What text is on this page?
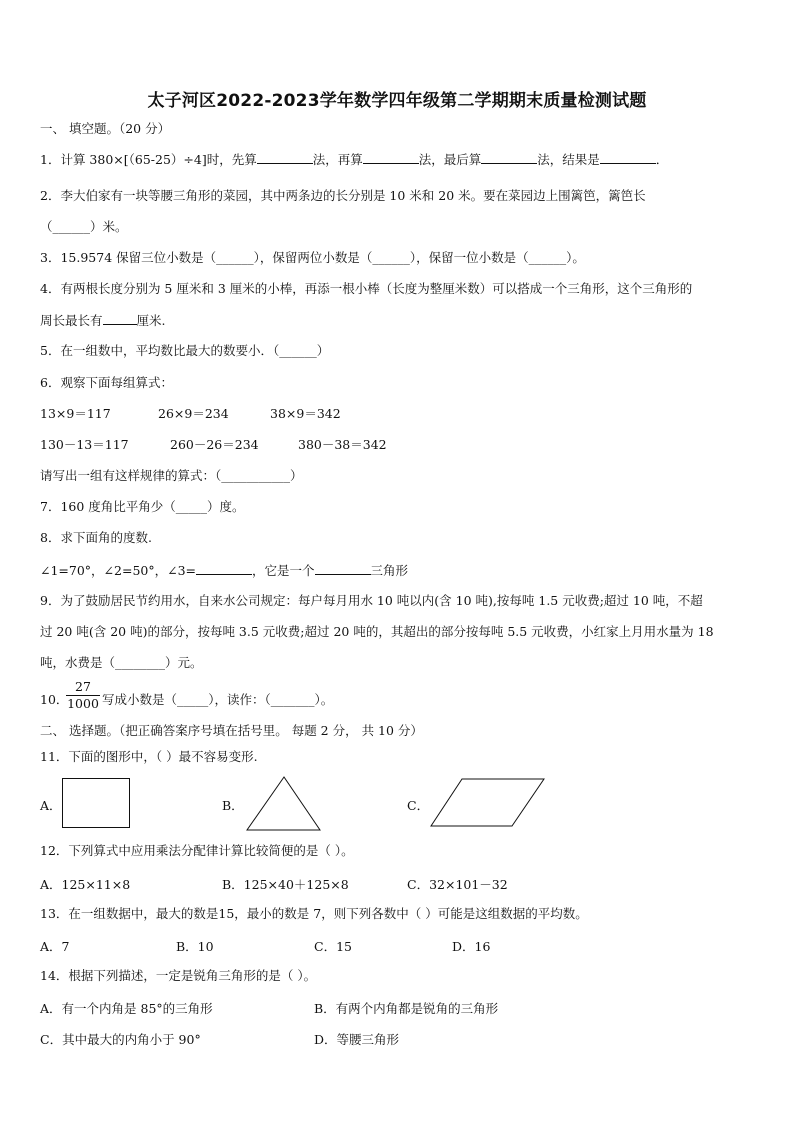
太子河区2022-2023学年数学四年级第二学期期末质量检测试题
一、 填空题。（20 分）
1．计算 380×[（65-25）÷4]时，先算	法，再算	法，最后算	法，结果是	．
2．李大伯家有一块等腰三角形的菜园，其中两条边的长分别是 10 米和 20 米。要在菜园边上围篱笆，篱笆长
（______）米。
3．15.9574 保留三位小数是（______），保留两位小数是（______），保留一位小数是（______）。
4．有两根长度分别为 5 厘米和 3 厘米的小棒，再添一根小棒（长度为整厘米数）可以搭成一个三角形，这个三角形的
周长最长有	厘米.
5．在一组数中，平均数比最大的数要小．（______）
6．观察下面每组算式：
13×9＝117	26×9＝234	38×9＝342
130－13＝117	260－26＝234	380－38＝342
请写出一组有这样规律的算式：（___________）
7．160 度角比平角少（_____）度。
8．求下面角的度数.
∠1=70°，∠2=50°，∠3=	，它是一个	三角形
9．为了鼓励居民节约用水，自来水公司规定：每户每月用水 10 吨以内(含 10 吨),按每吨 1.5 元收费;超过 10 吨，不超
过 20 吨(含 20 吨)的部分，按每吨 3.5 元收费;超过 20 吨的，其超出的部分按每吨 5.5 元收费，小红家上月用水量为 18
吨，水费是（________）元。
10．
27
1000 写成小数是（_____），读作：（_______）。
二、 选择题。（把正确答案序号填在括号里。 每题 2 分， 共 10 分）
11．下面的图形中，（ ）最不容易变形.
A．	B．	C．
12．下列算式中应用乘法分配律计算比较简便的是（ ）。
A．125×11×8	B．125×40＋125×8	C．32×101－32
13．在一组数据中，最大的数是15，最小的数是 7，则下列各数中（ ）可能是这组数据的平均数。
A．7	B．10	C．15	D．16
14．根据下列描述，一定是锐角三角形的是（ ）。
A．有一个内角是 85°的三角形	B．有两个内角都是锐角的三角形
C．其中最大的内角小于 90°	D．等腰三角形
